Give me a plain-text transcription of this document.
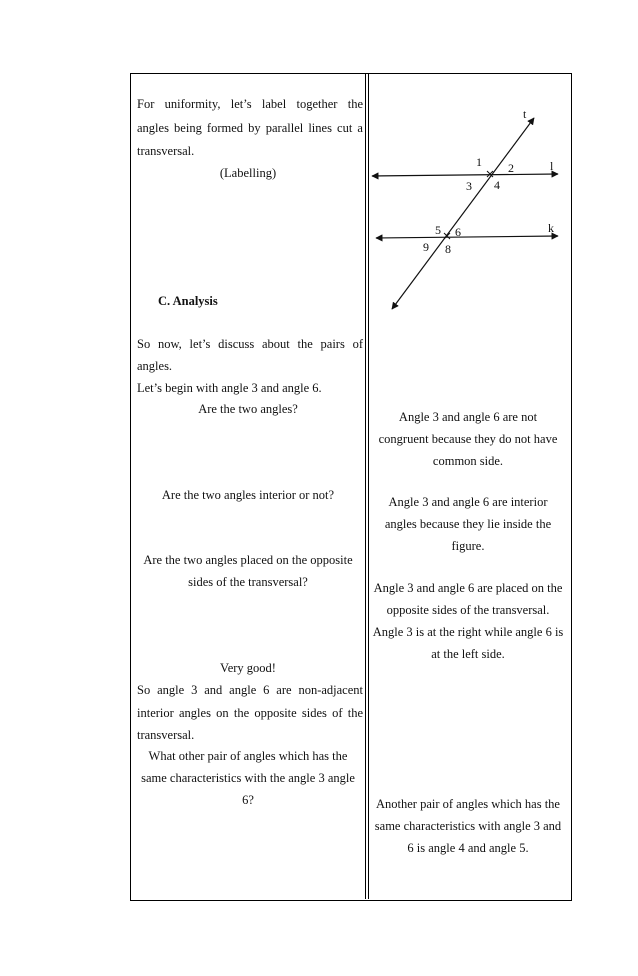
For uniformity, let’s label together the
angles being formed by parallel lines cut a
transversal.
(Labelling)
C. Analysis
So now, let’s discuss about the pairs of
angles.
Let’s begin with angle 3 and angle 6.
Are the two angles?
Are the two angles interior or not?
Are the two angles placed on the opposite
sides of the transversal?
Very good!
So angle 3 and angle 6 are non-adjacent
interior angles on the opposite sides of the
transversal.
What other pair of angles which has the
same characteristics with the angle 3 angle
6?
Angle 3 and angle 6 are not
congruent because they do not have
common side.
Angle 3 and angle 6 are interior
angles because they lie inside the
figure.
Angle 3 and angle 6 are placed on the
opposite sides of the transversal.
Angle 3 is at the right while angle 6 is
at the left side.
Another pair of angles which has the
same characteristics with angle 3 and
6 is angle 4 and angle 5.
t
l
k
1 2
3 4
5 6
9 8
